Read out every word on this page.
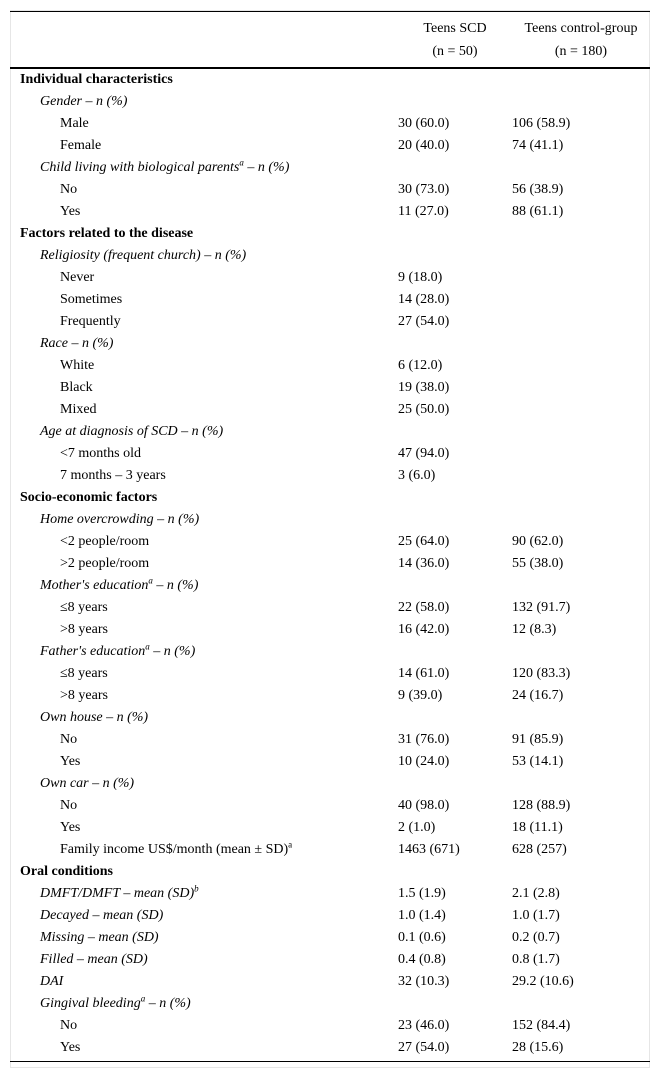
	Teens SCD	Teens control-group
	(n = 50)	(n = 180)
Individual characteristics		
Gender – n (%)		
Male	30 (60.0)	106 (58.9)
Female	20 (40.0)	74 (41.1)
Child living with biological parents$^a$ – n (%)		
No	30 (73.0)	56 (38.9)
Yes	11 (27.0)	88 (61.1)
Factors related to the disease		
Religiosity (frequent church) – n (%)		
Never	9 (18.0)	
Sometimes	14 (28.0)	
Frequently	27 (54.0)	
Race – n (%)		
White	6 (12.0)	
Black	19 (38.0)	
Mixed	25 (50.0)	
Age at diagnosis of SCD – n (%)		
<7 months old	47 (94.0)	
7 months – 3 years	3 (6.0)	
Socio-economic factors		
Home overcrowding – n (%)		
<2 people/room	25 (64.0)	90 (62.0)
>2 people/room	14 (36.0)	55 (38.0)
Mother's education$^a$ – n (%)		
≤8 years	22 (58.0)	132 (91.7)
>8 years	16 (42.0)	12 (8.3)
Father's education$^a$ – n (%)		
≤8 years	14 (61.0)	120 (83.3)
>8 years	9 (39.0)	24 (16.7)
Own house – n (%)		
No	31 (76.0)	91 (85.9)
Yes	10 (24.0)	53 (14.1)
Own car – n (%)		
No	40 (98.0)	128 (88.9)
Yes	2 (1.0)	18 (11.1)
Family income US$/month (mean ± SD)$^a$	1463 (671)	628 (257)
Oral conditions		
DMFT/DMFT – mean (SD)$^b$	1.5 (1.9)	2.1 (2.8)
Decayed – mean (SD)	1.0 (1.4)	1.0 (1.7)
Missing – mean (SD)	0.1 (0.6)	0.2 (0.7)
Filled – mean (SD)	0.4 (0.8)	0.8 (1.7)
DAI	32 (10.3)	29.2 (10.6)
Gingival bleeding$^a$ – n (%)		
No	23 (46.0)	152 (84.4)
Yes	27 (54.0)	28 (15.6)
